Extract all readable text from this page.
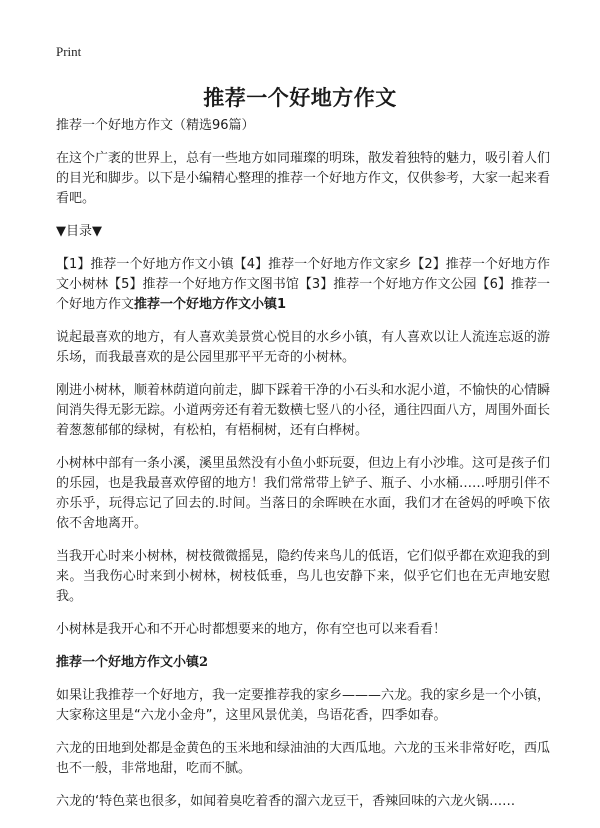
Print
推荐一个好地方作文

推荐一个好地方作文（精选96篇）

在这个广袤的世界上，总有一些地方如同璀璨的明珠，散发着独特的魅力，吸引着人们的目光和脚步。以下是小编精心整理的推荐一个好地方作文，仅供参考，大家一起来看看吧。

▼目录▼

【1】推荐一个好地方作文小镇【4】推荐一个好地方作文家乡【2】推荐一个好地方作文小树林【5】推荐一个好地方作文图书馆【3】推荐一个好地方作文公园【6】推荐一个好地方作文推荐一个好地方作文小镇1

说起最喜欢的地方，有人喜欢美景赏心悦目的水乡小镇，有人喜欢以让人流连忘返的游乐场，而我最喜欢的是公园里那平平无奇的小树林。

刚进小树林，顺着林荫道向前走，脚下踩着干净的小石头和水泥小道，不愉快的心情瞬间消失得无影无踪。小道两旁还有着无数横七竖八的小径，通往四面八方，周围外面长着葱葱郁郁的绿树，有松柏，有梧桐树，还有白桦树。

小树林中部有一条小溪，溪里虽然没有小鱼小虾玩耍，但边上有小沙堆。这可是孩子们的乐园，也是我最喜欢停留的地方！我们常常带上铲子、瓶子、小水桶……呼朋引伴不亦乐乎，玩得忘记了回去的.时间。当落日的余晖映在水面，我们才在爸妈的呼唤下依依不舍地离开。

当我开心时来小树林，树枝微微摇晃，隐约传来鸟儿的低语，它们似乎都在欢迎我的到来。当我伤心时来到小树林，树枝低垂，鸟儿也安静下来，似乎它们也在无声地安慰我。

小树林是我开心和不开心时都想要来的地方，你有空也可以来看看！

推荐一个好地方作文小镇2

如果让我推荐一个好地方，我一定要推荐我的家乡———六龙。我的家乡是一个小镇，大家称这里是“六龙小金舟”，这里风景优美，鸟语花香，四季如春。

六龙的田地到处都是金黄色的玉米地和绿油油的大西瓜地。六龙的玉米非常好吃，西瓜也不一般，非常地甜，吃而不腻。

六龙的‘特色菜也很多，如闻着臭吃着香的溜六龙豆干，香辣回味的六龙火锅……
